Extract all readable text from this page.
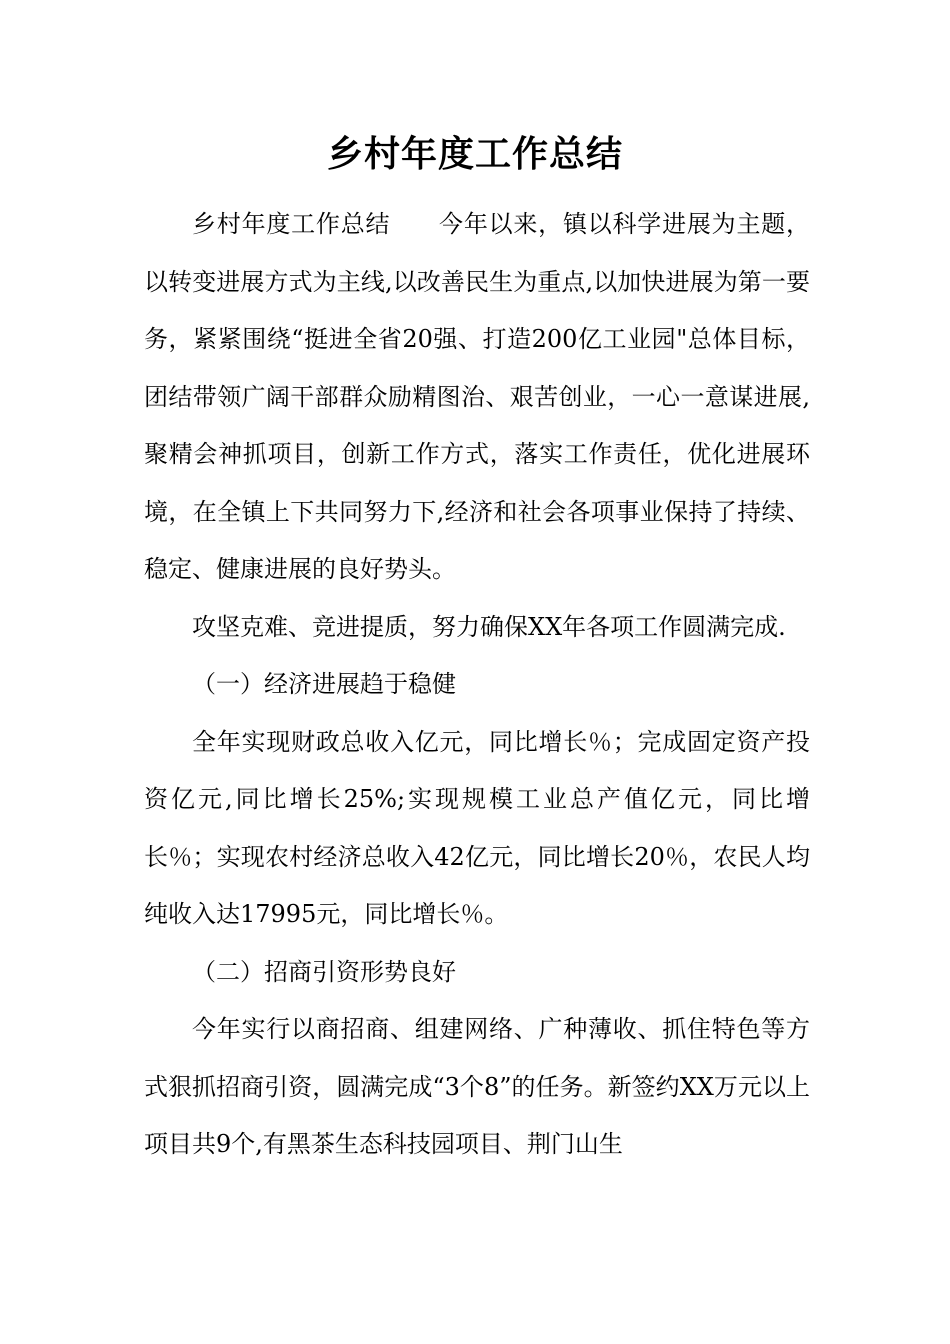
乡村年度工作总结

乡村年度工作总结 今年以来，镇以科学进展为主题，以转变进展方式为主线,以改善民生为重点,以加快进展为第一要务，紧紧围绕“挺进全省20强、打造200亿工业园"总体目标，团结带领广阔干部群众励精图治、艰苦创业，一心一意谋进展,聚精会神抓项目，创新工作方式，落实工作责任，优化进展环境，在全镇上下共同努力下,经济和社会各项事业保持了持续、稳定、健康进展的良好势头。

攻坚克难、竞进提质，努力确保XX年各项工作圆满完成.

（一）经济进展趋于稳健

全年实现财政总收入亿元，同比增长％；完成固定资产投资亿元,同比增长25%;实现规模工业总产值亿元，同比增长％；实现农村经济总收入42亿元，同比增长20％，农民人均纯收入达17995元，同比增长％。

（二）招商引资形势良好

今年实行以商招商、组建网络、广种薄收、抓住特色等方式狠抓招商引资，圆满完成“3个8”的任务。新签约XX万元以上项目共9个,有黑茶生态科技园项目、荆门山生
